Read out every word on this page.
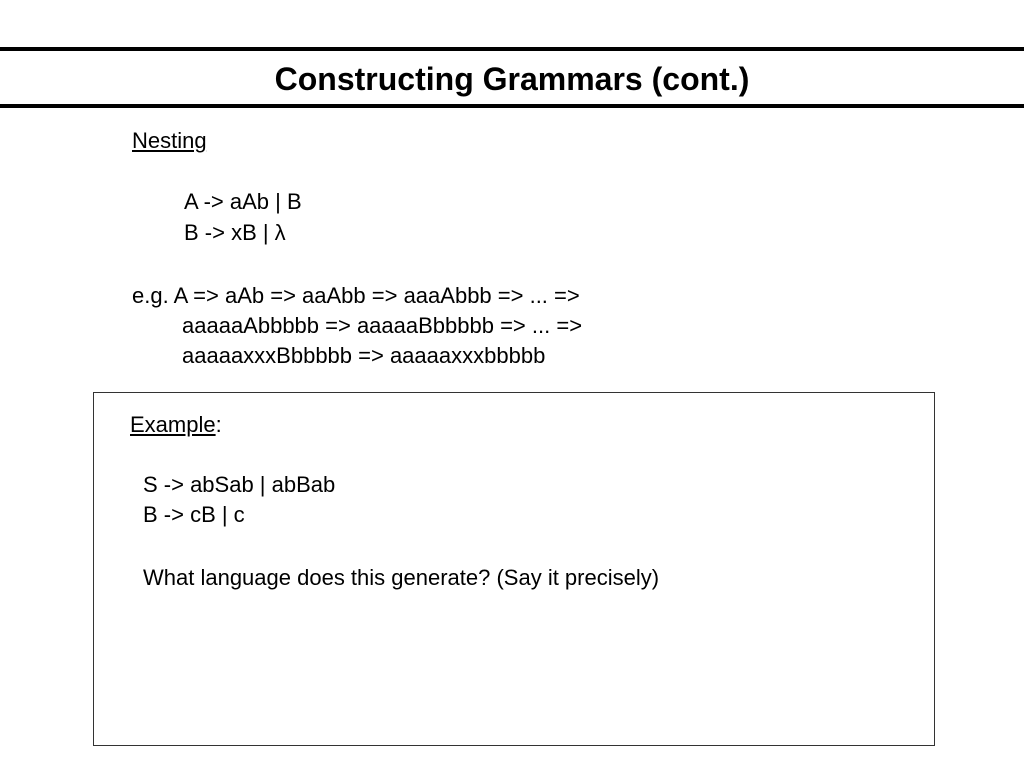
Constructing Grammars (cont.)

Nesting

A -> aAb | B

B -> xB | λ

e.g. A => aAb => aaAbb => aaaAbbb => ... =>

aaaaaAbbbbb => aaaaaBbbbbb => ... =>

aaaaaxxxBbbbbb => aaaaaxxxbbbbb

Example:

S -> abSab | abBab

B -> cB | c

What language does this generate? (Say it precisely)
